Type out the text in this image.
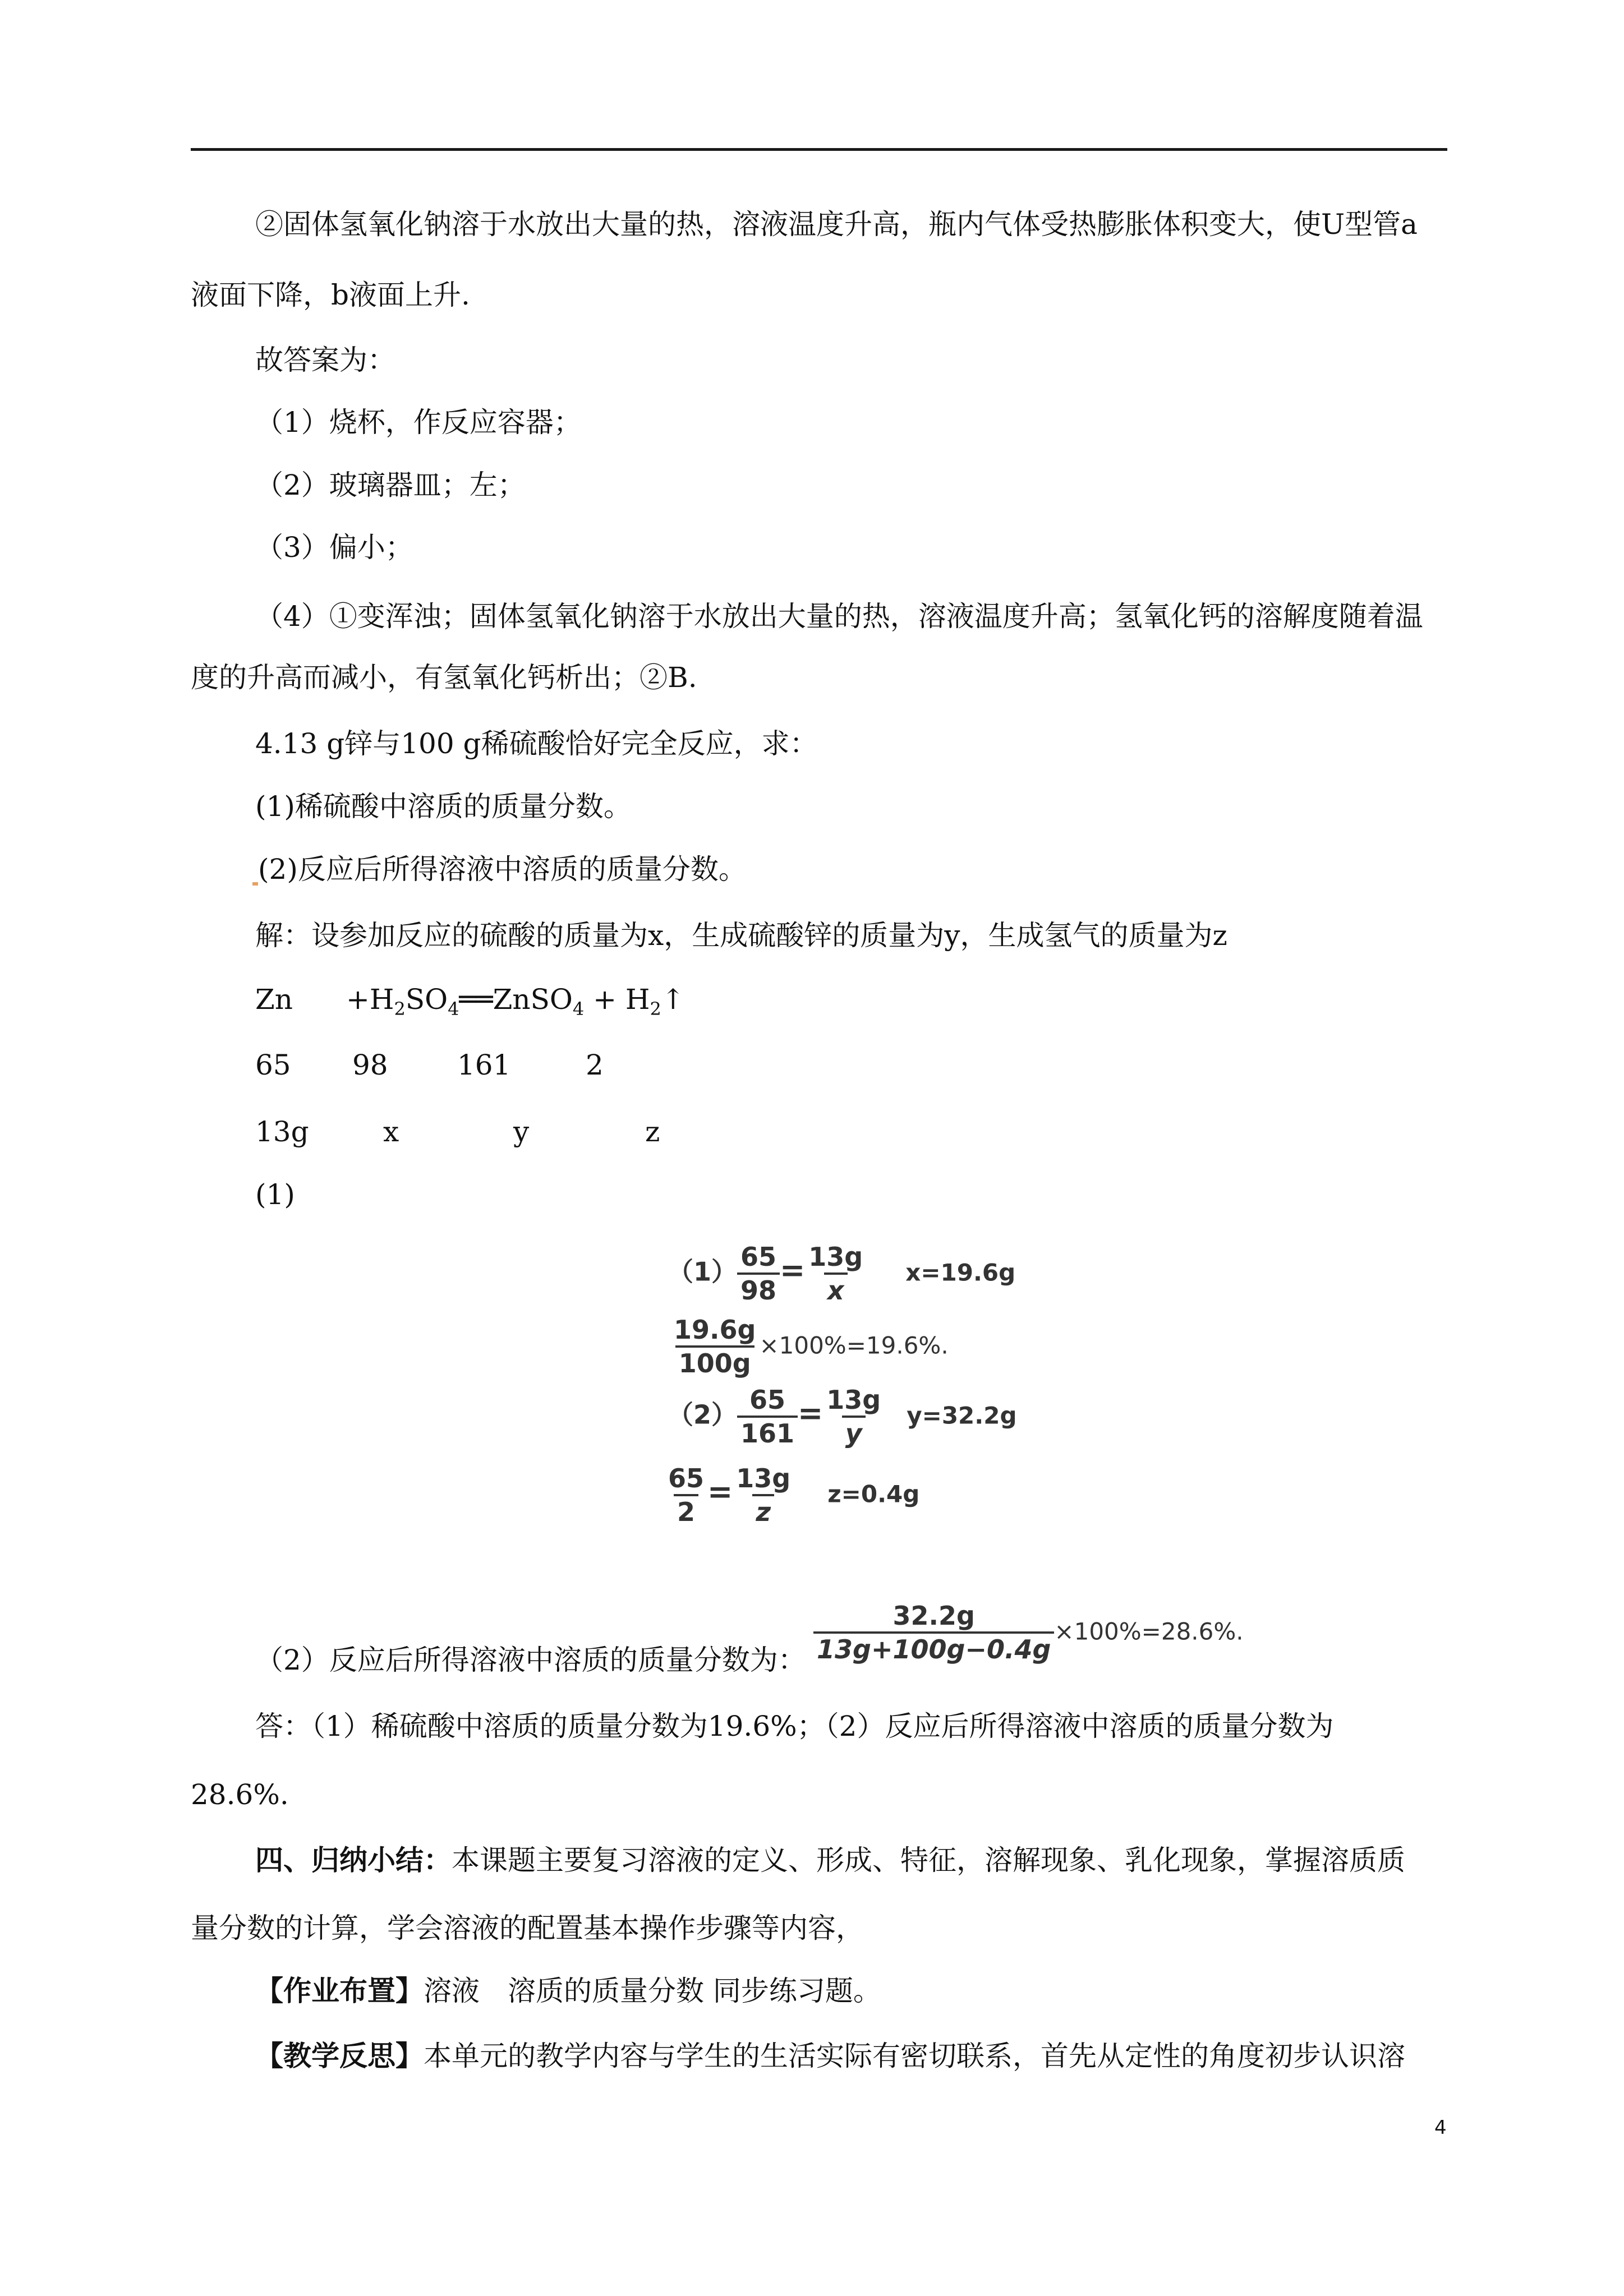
②固体氢氧化钠溶于水放出大量的热，溶液温度升高，瓶内气体受热膨胀体积变大，使U型管a
液面下降，b液面上升.
故答案为：
（1）烧杯，作反应容器；
（2）玻璃器皿；左；
（3）偏小；
（4）①变浑浊；固体氢氧化钠溶于水放出大量的热，溶液温度升高；氢氧化钙的溶解度随着温
度的升高而减小，有氢氧化钙析出；②B.
4.13 g锌与100 g稀硫酸恰好完全反应，求：
(1)稀硫酸中溶质的质量分数。
(2)反应后所得溶液中溶质的质量分数。
解：设参加反应的硫酸的质量为x，生成硫酸锌的质量为y，生成氢气的质量为z
$Zn +H_2SO_4══ZnSO_4$ + $H_2↑$
65 98 161	2
13g	x	y	z
(1)
$(1) \frac{65}{98} = \frac{13g}{x} x=19.6g$
$\frac{19.6g}{100g} \times 100\%=19.6\%$.
$(2) \frac{65}{161} = \frac{13g}{y} y=32.2g$
$\frac{65}{2} = \frac{13g}{z} z=0.4g$
（2）反应后所得溶液中溶质的质量分数为： $\frac{32.2g}{13g+100g-0.4g} \times 100\%=28.6\%$.
答：（1）稀硫酸中溶质的质量分数为19.6%；（2）反应后所得溶液中溶质的质量分数为
28.6%.
四、归纳小结：本课题主要复习溶液的定义、形成、特征，溶解现象、乳化现象，掌握溶质质
量分数的计算，学会溶液的配置基本操作步骤等内容，
【作业布置】溶液　溶质的质量分数 同步练习题。
【教学反思】本单元的教学内容与学生的生活实际有密切联系，首先从定性的角度初步认识溶
4
